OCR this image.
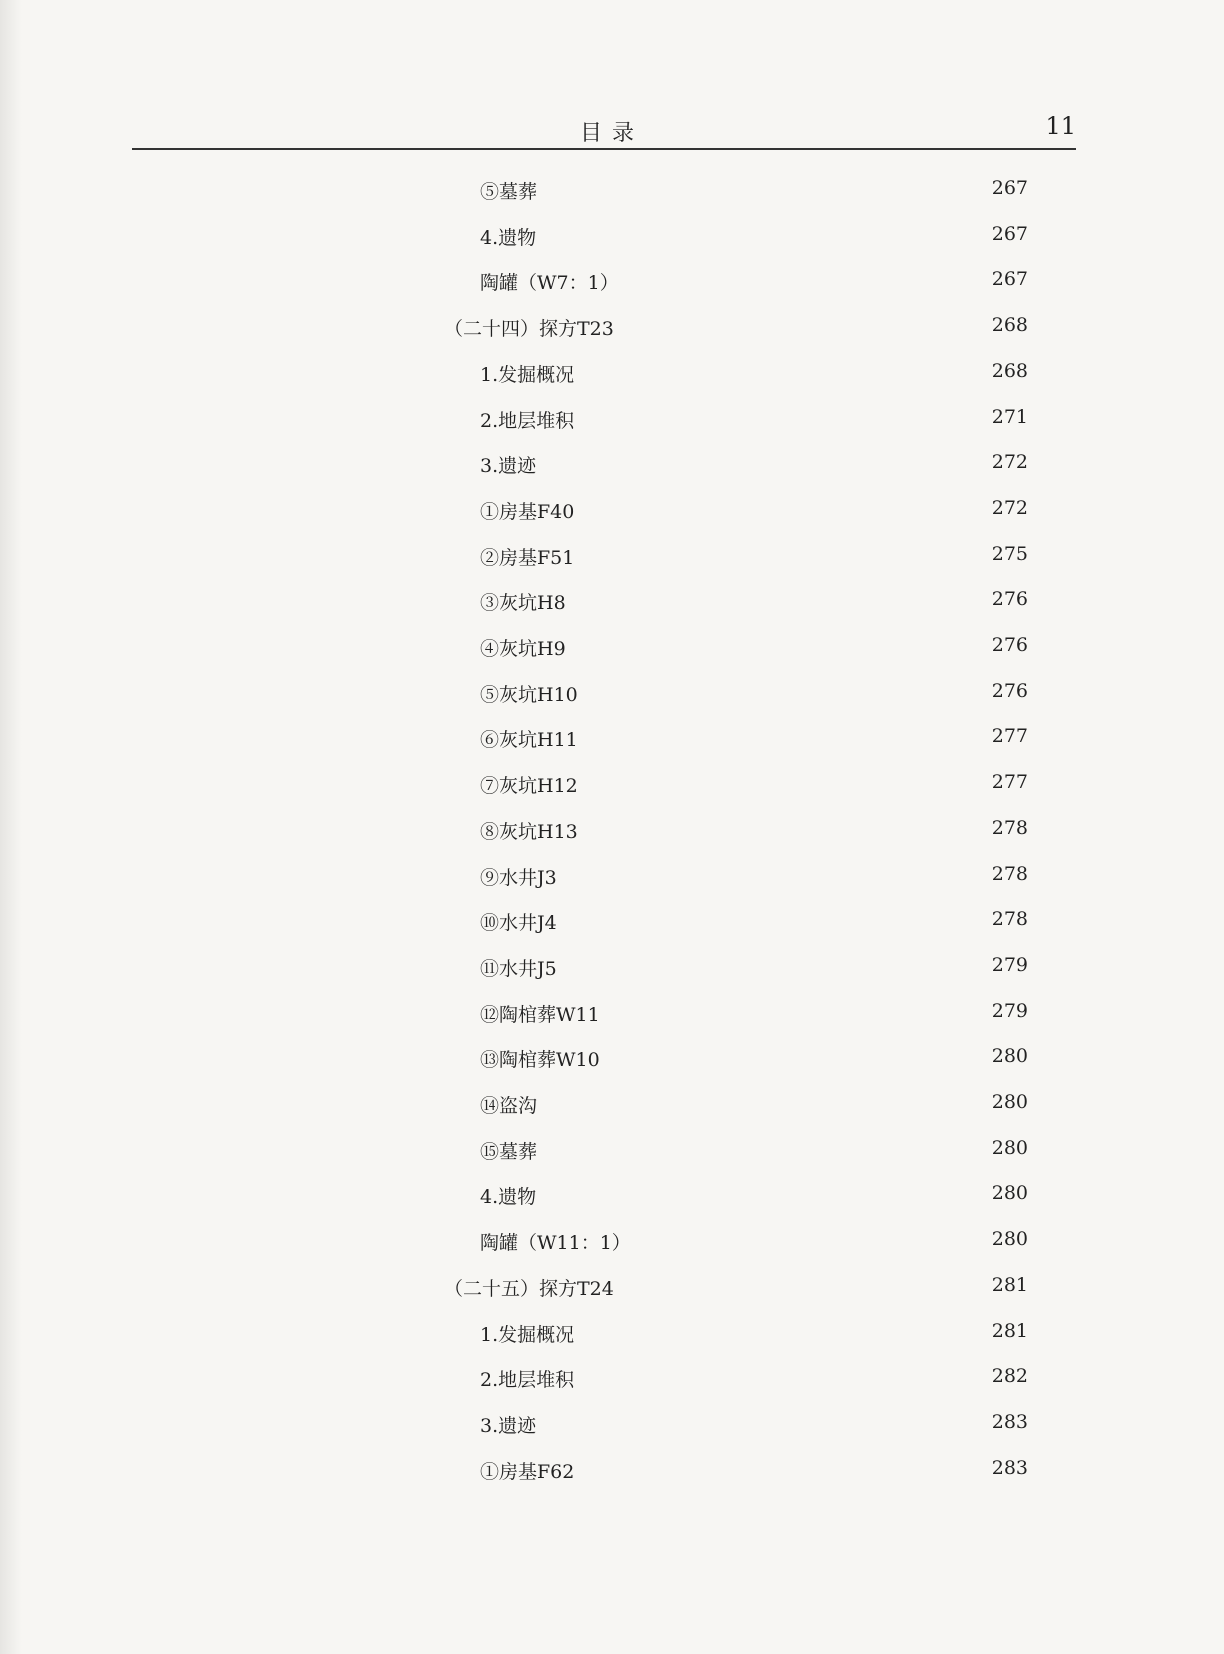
目录	11
⑤墓葬	267
4.遗物	267
陶罐（W7：1）	267
（二十四）探方T23	268
1.发掘概况	268
2.地层堆积	271
3.遗迹	272
①房基F40	272
②房基F51	275
③灰坑H8	276
④灰坑H9	276
⑤灰坑H10	276
⑥灰坑H11	277
⑦灰坑H12	277
⑧灰坑H13	278
⑨水井J3	278
⑩水井J4	278
⑪水井J5	279
⑫陶棺葬W11	279
⑬陶棺葬W10	280
⑭盗沟	280
⑮墓葬	280
4.遗物	280
陶罐（W11：1）	280
（二十五）探方T24	281
1.发掘概况	281
2.地层堆积	282
3.遗迹	283
①房基F62	283
